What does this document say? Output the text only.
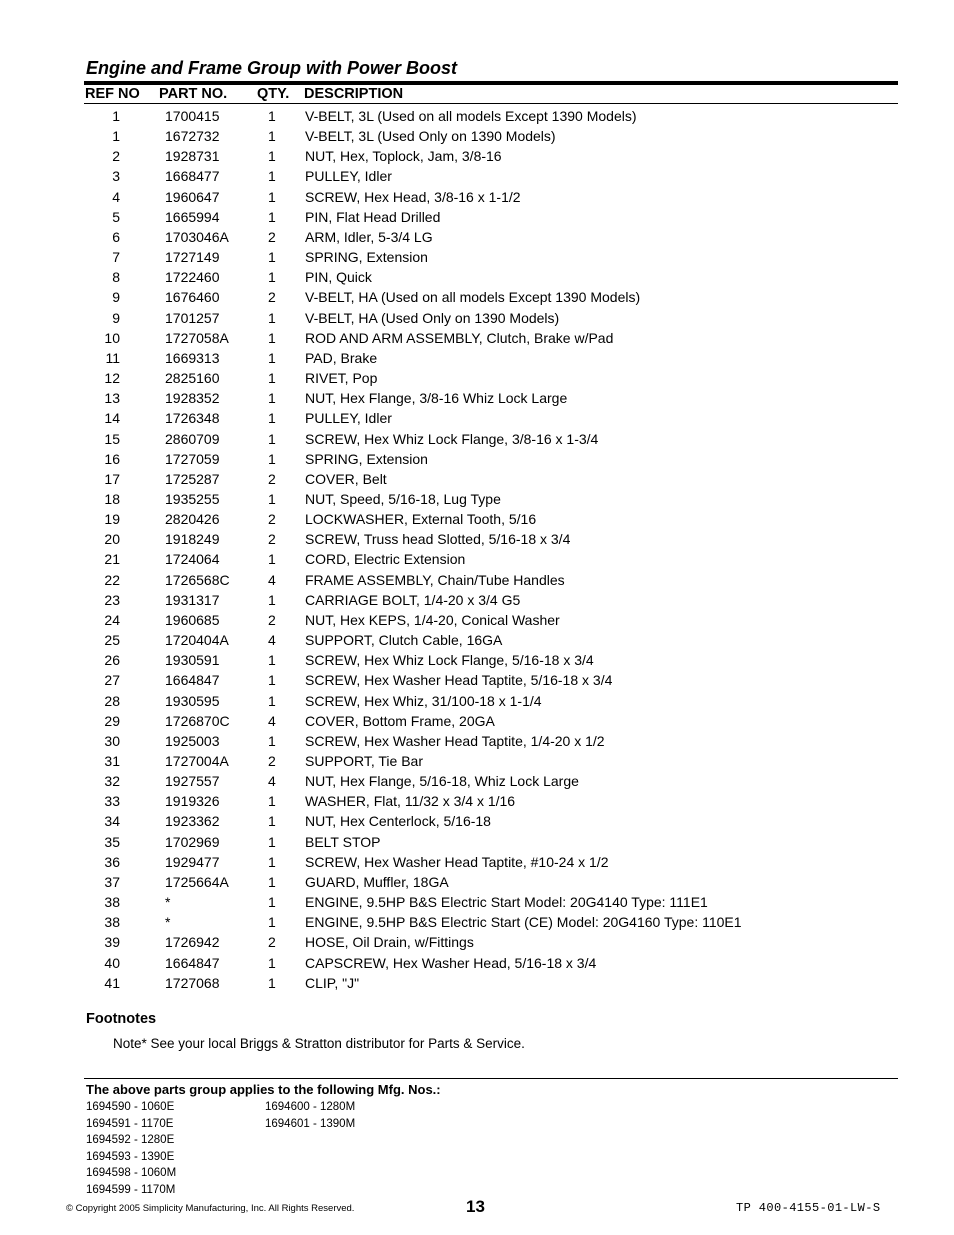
Engine and Frame Group with Power Boost
REF NO PART NO. QTY. DESCRIPTION
1	1700415	1 V-BELT, 3L (Used on all models Except 1390 Models)
1	1672732	1 V-BELT, 3L (Used Only on 1390 Models)
2	1928731	1 NUT, Hex, Toplock, Jam, 3/8-16
3	1668477	1 PULLEY, Idler
4	1960647	1 SCREW, Hex Head, 3/8-16 x 1-1/2
5	1665994	1 PIN, Flat Head Drilled
6	1703046A	2 ARM, Idler, 5-3/4 LG
7	1727149	1 SPRING, Extension
8	1722460	1 PIN, Quick
9	1676460	2 V-BELT, HA (Used on all models Except 1390 Models)
9	1701257	1 V-BELT, HA (Used Only on 1390 Models)
10	1727058A	1 ROD AND ARM ASSEMBLY, Clutch, Brake w/Pad
11	1669313	1 PAD, Brake
12	2825160	1 RIVET, Pop
13	1928352	1 NUT, Hex Flange, 3/8-16 Whiz Lock Large
14	1726348	1 PULLEY, Idler
15	2860709	1 SCREW, Hex Whiz Lock Flange, 3/8-16 x 1-3/4
16	1727059	1 SPRING, Extension
17	1725287	2 COVER, Belt
18	1935255	1 NUT, Speed, 5/16-18, Lug Type
19	2820426	2 LOCKWASHER, External Tooth, 5/16
20	1918249	2 SCREW, Truss head Slotted, 5/16-18 x 3/4
21	1724064	1 CORD, Electric Extension
22	1726568C	4 FRAME ASSEMBLY, Chain/Tube Handles
23	1931317	1 CARRIAGE BOLT, 1/4-20 x 3/4 G5
24	1960685	2 NUT, Hex KEPS, 1/4-20, Conical Washer
25	1720404A	4 SUPPORT, Clutch Cable, 16GA
26	1930591	1 SCREW, Hex Whiz Lock Flange, 5/16-18 x 3/4
27	1664847	1 SCREW, Hex Washer Head Taptite, 5/16-18 x 3/4
28	1930595	1 SCREW, Hex Whiz, 31/100-18 x 1-1/4
29	1726870C	4 COVER, Bottom Frame, 20GA
30	1925003	1 SCREW, Hex Washer Head Taptite, 1/4-20 x 1/2
31	1727004A	2 SUPPORT, Tie Bar
32	1927557	4 NUT, Hex Flange, 5/16-18, Whiz Lock Large
33	1919326	1 WASHER, Flat, 11/32 x 3/4 x 1/16
34	1923362	1 NUT, Hex Centerlock, 5/16-18
35	1702969	1 BELT STOP
36	1929477	1 SCREW, Hex Washer Head Taptite, #10-24 x 1/2
37	1725664A	1 GUARD, Muffler, 18GA
38	*	1 ENGINE, 9.5HP B&S Electric Start Model: 20G4140 Type: 111E1
38	*	1 ENGINE, 9.5HP B&S Electric Start (CE) Model: 20G4160 Type: 110E1
39	1726942	2 HOSE, Oil Drain, w/Fittings
40	1664847	1 CAPSCREW, Hex Washer Head, 5/16-18 x 3/4
41	1727068	1 CLIP, "J"
Footnotes
Note* See your local Briggs & Stratton distributor for Parts & Service.
The above parts group applies to the following Mfg. Nos.:
1694590 - 1060E
1694591 - 1170E
1694592 - 1280E
1694593 - 1390E
1694598 - 1060M
1694599 - 1170M
1694600 - 1280M
1694601 - 1390M
© Copyright 2005 Simplicity Manufacturing, Inc. All Rights Reserved.	13	TP 400-4155-01-LW-S
